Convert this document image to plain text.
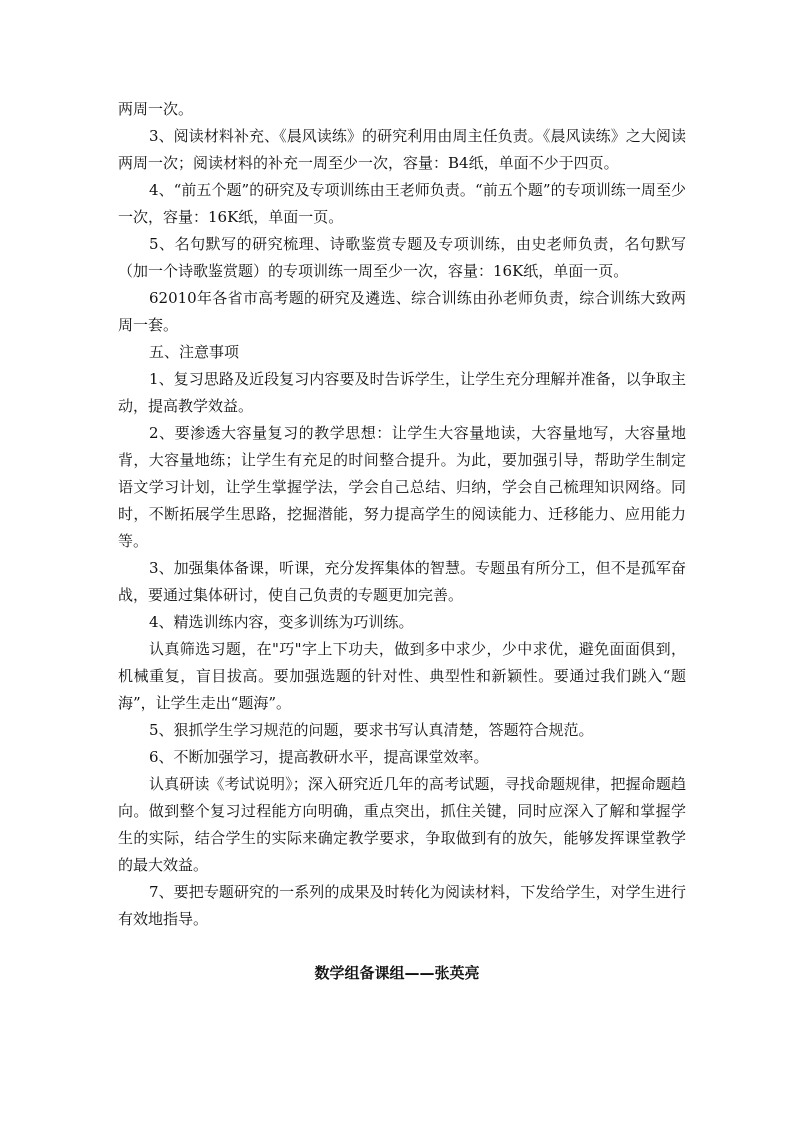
两周一次。

3、阅读材料补充、《晨风读练》的研究利用由周主任负责。《晨风读练》之大阅读两周一次；阅读材料的补充一周至少一次，容量：B4纸，单面不少于四页。

4、“前五个题”的研究及专项训练由王老师负责。“前五个题”的专项训练一周至少一次，容量：16K纸，单面一页。

5、名句默写的研究梳理、诗歌鉴赏专题及专项训练，由史老师负责，名句默写（加一个诗歌鉴赏题）的专项训练一周至少一次，容量：16K纸，单面一页。

62010年各省市高考题的研究及遴选、综合训练由孙老师负责，综合训练大致两周一套。

五、注意事项

1、复习思路及近段复习内容要及时告诉学生，让学生充分理解并准备，以争取主动，提高教学效益。

2、要渗透大容量复习的教学思想：让学生大容量地读，大容量地写，大容量地背，大容量地练；让学生有充足的时间整合提升。为此，要加强引导，帮助学生制定语文学习计划，让学生掌握学法，学会自己总结、归纳，学会自己梳理知识网络。同时，不断拓展学生思路，挖掘潜能，努力提高学生的阅读能力、迁移能力、应用能力等。

3、加强集体备课，听课，充分发挥集体的智慧。专题虽有所分工，但不是孤军奋战，要通过集体研讨，使自己负责的专题更加完善。

4、精选训练内容，变多训练为巧训练。

认真筛选习题，在"巧"字上下功夫，做到多中求少，少中求优，避免面面俱到，机械重复，盲目拔高。要加强选题的针对性、典型性和新颖性。要通过我们跳入“题海”，让学生走出“题海”。

5、狠抓学生学习规范的问题，要求书写认真清楚，答题符合规范。

6、不断加强学习，提高教研水平，提高课堂效率。

认真研读《考试说明》；深入研究近几年的高考试题，寻找命题规律，把握命题趋向。做到整个复习过程能方向明确，重点突出，抓住关键，同时应深入了解和掌握学生的实际，结合学生的实际来确定教学要求，争取做到有的放矢，能够发挥课堂教学的最大效益。

7、要把专题研究的一系列的成果及时转化为阅读材料，下发给学生，对学生进行有效地指导。

数学组备课组——张英亮
